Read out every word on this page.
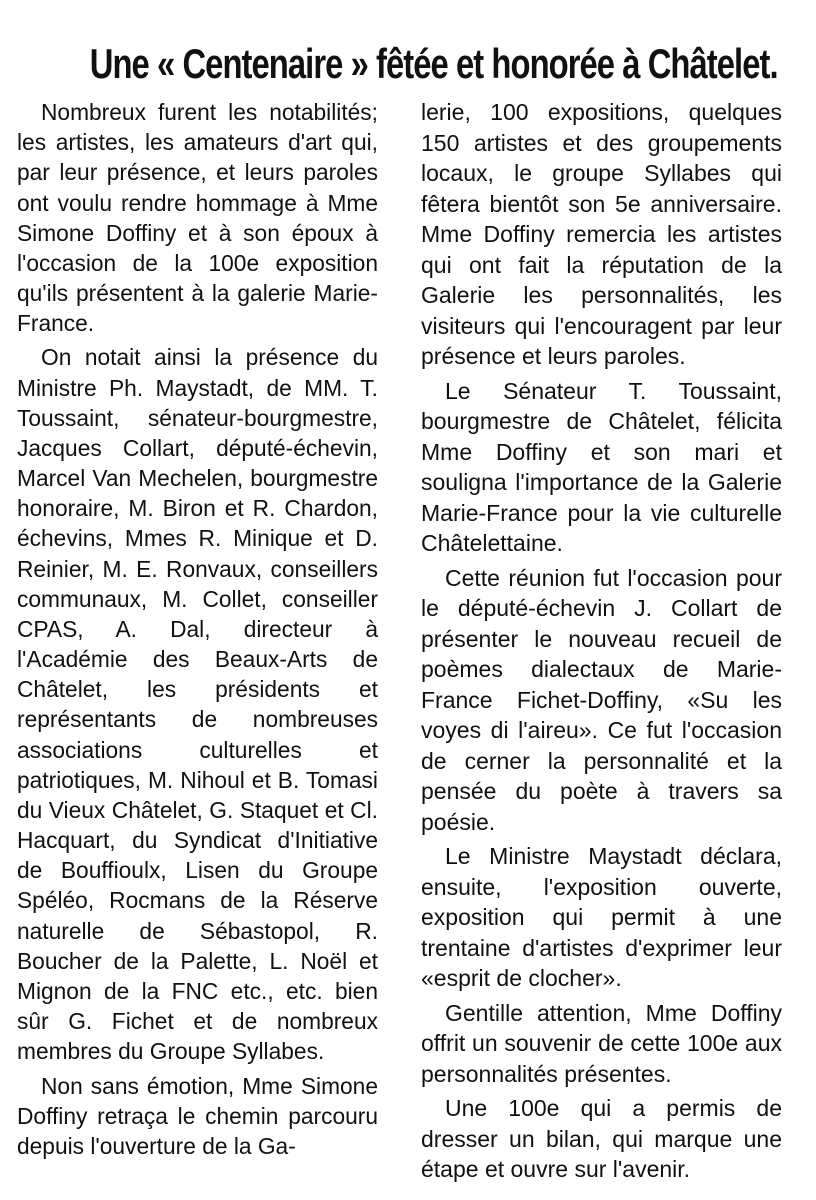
Une « Centenaire » fêtée et honorée à Châtelet.

Nombreux furent les notabilités; les artistes, les amateurs d'art qui, par leur présence, et leurs paroles ont voulu rendre hommage à Mme Simone Doffiny et à son époux à l'occasion de la 100e exposition qu'ils présentent à la galerie Marie-France.

On notait ainsi la présence du Ministre Ph. Maystadt, de MM. T. Toussaint, sénateur-bourgmestre, Jacques Collart, député-échevin, Marcel Van Mechelen, bourgmestre honoraire, M. Biron et R. Chardon, échevins, Mmes R. Minique et D. Reinier, M. E. Ronvaux, conseillers communaux, M. Collet, conseiller CPAS, A. Dal, directeur à l'Académie des Beaux-Arts de Châtelet, les présidents et représentants de nombreuses associations culturelles et patriotiques, M. Nihoul et B. Tomasi du Vieux Châtelet, G. Staquet et Cl. Hacquart, du Syndicat d'Initiative de Bouffioulx, Lisen du Groupe Spéléo, Rocmans de la Réserve naturelle de Sébastopol, R. Boucher de la Palette, L. Noël et Mignon de la FNC etc., etc. bien sûr G. Fichet et de nombreux membres du Groupe Syllabes.

Non sans émotion, Mme Simone Doffiny retraça le chemin parcouru depuis l'ouverture de la Ga-

lerie, 100 expositions, quelques 150 artistes et des groupements locaux, le groupe Syllabes qui fêtera bientôt son 5e anniversaire. Mme Doffiny remercia les artistes qui ont fait la réputation de la Galerie les personnalités, les visiteurs qui l'encouragent par leur présence et leurs paroles.

Le Sénateur T. Toussaint, bourgmestre de Châtelet, félicita Mme Doffiny et son mari et souligna l'importance de la Galerie Marie-France pour la vie culturelle Châtelettaine.

Cette réunion fut l'occasion pour le député-échevin J. Collart de présenter le nouveau recueil de poèmes dialectaux de Marie-France Fichet-Doffiny, «Su les voyes di l'aireu». Ce fut l'occasion de cerner la personnalité et la pensée du poète à travers sa poésie.

Le Ministre Maystadt déclara, ensuite, l'exposition ouverte, exposition qui permit à une trentaine d'artistes d'exprimer leur «esprit de clocher».

Gentille attention, Mme Doffiny offrit un souvenir de cette 100e aux personnalités présentes.

Une 100e qui a permis de dresser un bilan, qui marque une étape et ouvre sur l'avenir.
